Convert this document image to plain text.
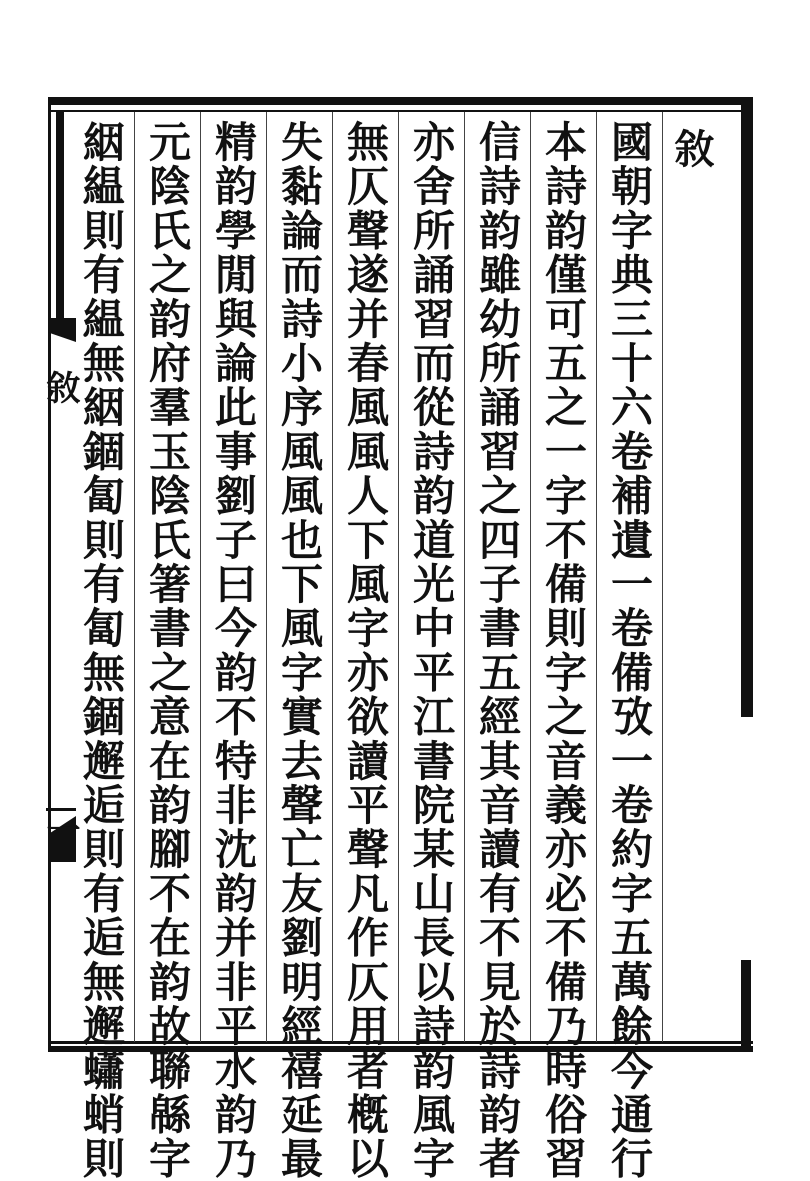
敘
一
敘
國朝字典三十六卷補遺一卷備攷一卷約字五萬餘今通行
本詩韵僅可五之一字不備則字之音義亦必不備乃時俗習
信詩韵雖幼所誦習之四子書五經其音讀有不見於詩韵者
亦舍所誦習而從詩韵道光中平江書院某山長以詩韵風字
無仄聲遂并春風風人下風字亦欲讀平聲凡作仄用者槪以
失黏論而詩小序風風也下風字實去聲亡友劉明經禧延最
精韵學閒與論此事劉子曰今韵不特非沈韵并非平水韵乃
元陰氏之韵府羣玉陰氏箸書之意在韵腳不在韵故聯緜字
絪緼則有緼無絪錮匐則有匐無錮邂逅則有逅無邂蠨蛸則
